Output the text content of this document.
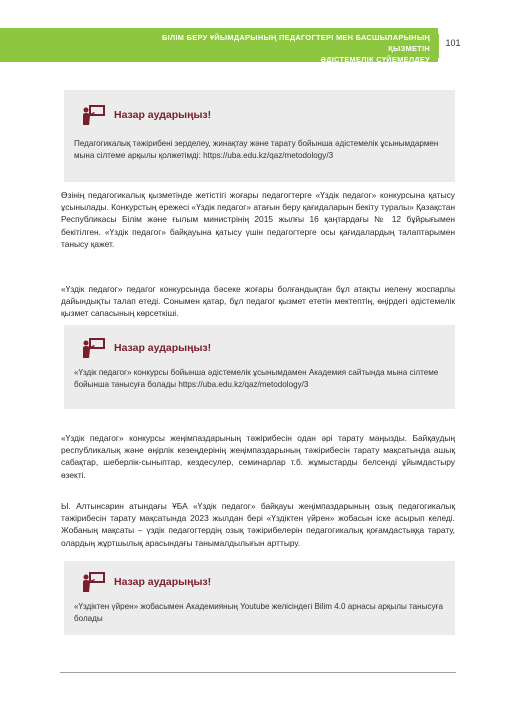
БІЛІМ БЕРУ ҰЙЫМДАРЫНЫҢ ПЕДАГОГТЕРІ МЕН БАСШЫЛАРЫНЫҢ ҚЫЗМЕТІН
ӘДІСТЕМЕЛІК СҮЙЕМЕЛДЕУ
101
Назар аударыңыз!
Педагогикалық тәжірибені зерделеу, жинақтау және тарату бойынша әдістемелік ұсынымдармен мына сілтеме арқылы қолжетімді: https://uba.edu.kz/qaz/metodology/3

Өзінің педагогикалық қызметінде жетістігі жоғары педагогтерге «Үздік педагог» конкурсына қатысу ұсынылады. Конкурстың ережесі «Үздік педагог» атағын беру қағидаларын бекіту туралы» Қазақстан Республикасы Білім және ғылым министрінің 2015 жылғы 16 қаңтардағы № 12 бұйрығымен бекітілген. «Үздік педагог» байқауына қатысу үшін педагогтерге осы қағидалардың талаптарымен танысу қажет.

«Үздік педагог» педагог конкурсында бәсеке жоғары болғандықтан бұл атақты иелену жоспарлы дайындықты талап етеді. Сонымен қатар, бұл педагог қызмет ететін мектептің, өңірдегі әдістемелік қызмет сапасының көрсеткіші.

Назар аударыңыз!
«Үздік педагог» конкурсы бойынша әдістемелік ұсынымдамен Академия сайтында мына сілтеме бойынша танысуға болады https://uba.edu.kz/qaz/metodology/3

«Үздік педагог» конкурсы жеңімпаздарының тәжірибесін одан әрі тарату маңызды. Байқаудың республикалық және өңірлік кезеңдерінің жеңімпаздарының тәжірибесін тарату мақсатында ашық сабақтар, шеберлік-сыныптар, кездесулер, семинарлар т.б. жұмыстарды белсенді ұйымдастыру өзекті.

Ы. Алтынсарин атындағы ҰБА «Үздік педагог» байқауы жеңімпаздарының озық педагогикалық тәжірибесін тарату мақсатында 2023 жылдан бері «Үздіктен үйрен» жобасын іске асырып келеді. Жобаның мақсаты – үздік педагогтердің озық тәжірибелерін педагогикалық қоғамдастыққа тарату, олардың жұртшылық арасындағы танымалдылығын арттыру.

Назар аударыңыз!
«Үздіктен үйрен» жобасымен Академияның Youtube желісіндегі Bilim 4.0 арнасы арқылы танысуға болады
